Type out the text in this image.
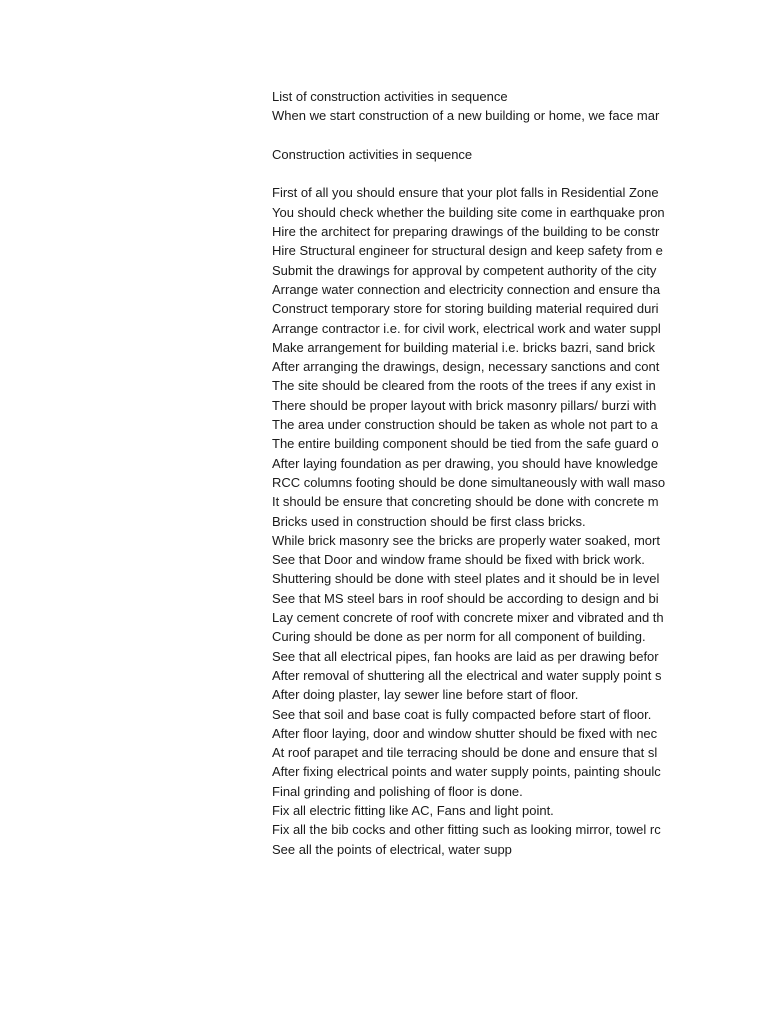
List of construction activities in sequence
When we start construction of a new building or home, we face mar
Construction activities in sequence
First of all you should ensure that your plot falls in Residential Zone
You should check whether the building site come in earthquake pron
Hire the architect for preparing drawings of the building to be constr
Hire Structural engineer for structural design and keep safety from e
Submit the drawings for approval by competent authority of the city
Arrange water connection and electricity connection and ensure tha
Construct temporary store for storing building material required duri
Arrange contractor i.e. for civil work, electrical work and water suppl
Make arrangement for building material i.e. bricks bazri, sand brick
After arranging the drawings, design, necessary sanctions and cont
The site should be cleared from the roots of the trees if any exist in
There should be proper layout with brick masonry pillars/ burzi with
The area under construction should be taken as whole not part to a
The entire building component should be tied from the safe guard o
After laying foundation as per drawing, you should have knowledge
RCC columns footing should be done simultaneously with wall maso
It should be ensure that concreting should be done with concrete m
Bricks used in construction should be first class bricks.
While brick masonry see the bricks are properly water soaked, mort
See that Door and window frame should be fixed with brick work.
Shuttering should be done with steel plates and it should be in level
See that MS steel bars in roof should be according to design and bi
Lay cement concrete of roof with concrete mixer and vibrated and th
Curing should be done as per norm for all component of building.
See that all electrical pipes, fan hooks are laid as per drawing befor
After removal of shuttering all the electrical and water supply point s
After doing plaster, lay sewer line before start of floor.
See that soil and base coat is fully compacted before start of floor.
After floor laying, door and window shutter should be fixed with nec
At roof parapet and tile terracing should be done and ensure that sl
After fixing electrical points and water supply points, painting shoulc
Final grinding and polishing of floor is done.
Fix all electric fitting like AC, Fans and light point.
Fix all the bib cocks and other fitting such as looking mirror, towel rc
See all the points of electrical, water supp
